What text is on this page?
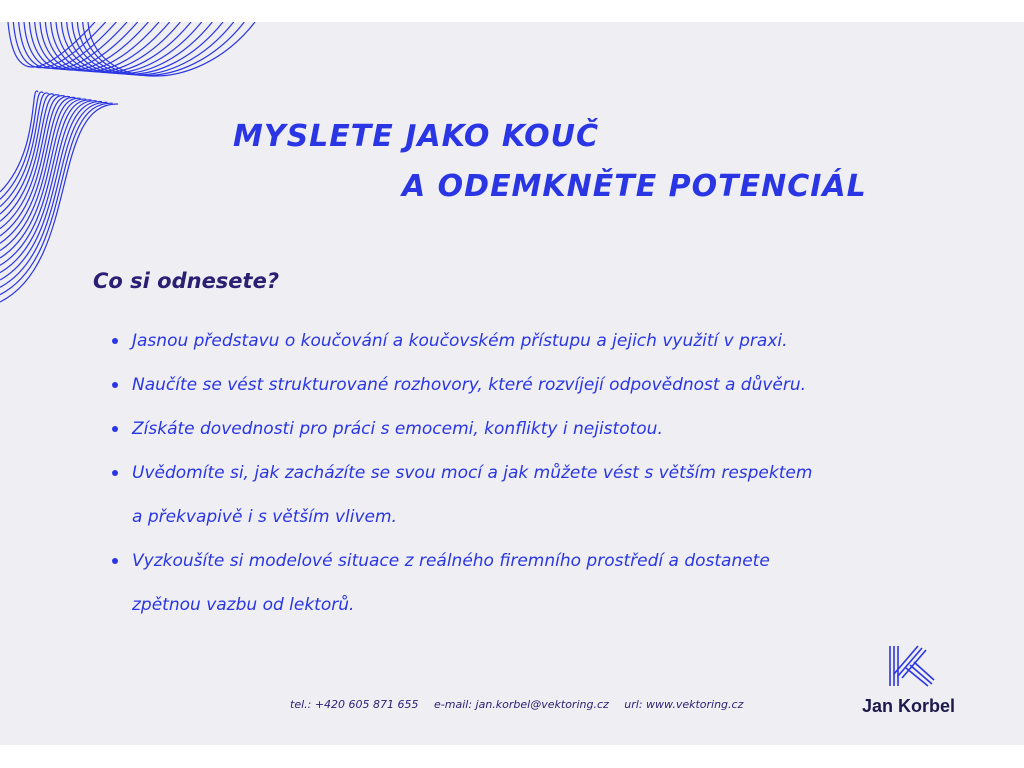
MYSLETE JAKO KOUČ
A ODEMKNĚTE POTENCIÁL
Co si odnesete?
Jasnou představu o koučování a koučovském přístupu a jejich využití v praxi.
Naučíte se vést strukturované rozhovory, které rozvíjejí odpovědnost a důvěru.
Získáte dovednosti pro práci s emocemi, konflikty i nejistotou.
Uvědomíte si, jak zacházíte se svou mocí a jak můžete vést s větším respektem
a překvapivě i s větším vlivem.
Vyzkoušíte si modelové situace z reálného firemního prostředí a dostanete
zpětnou vazbu od lektorů.
tel.: +420 605 871 655 e-mail: jan.korbel@vektoring.cz url: www.vektoring.cz	Jan Korbel
